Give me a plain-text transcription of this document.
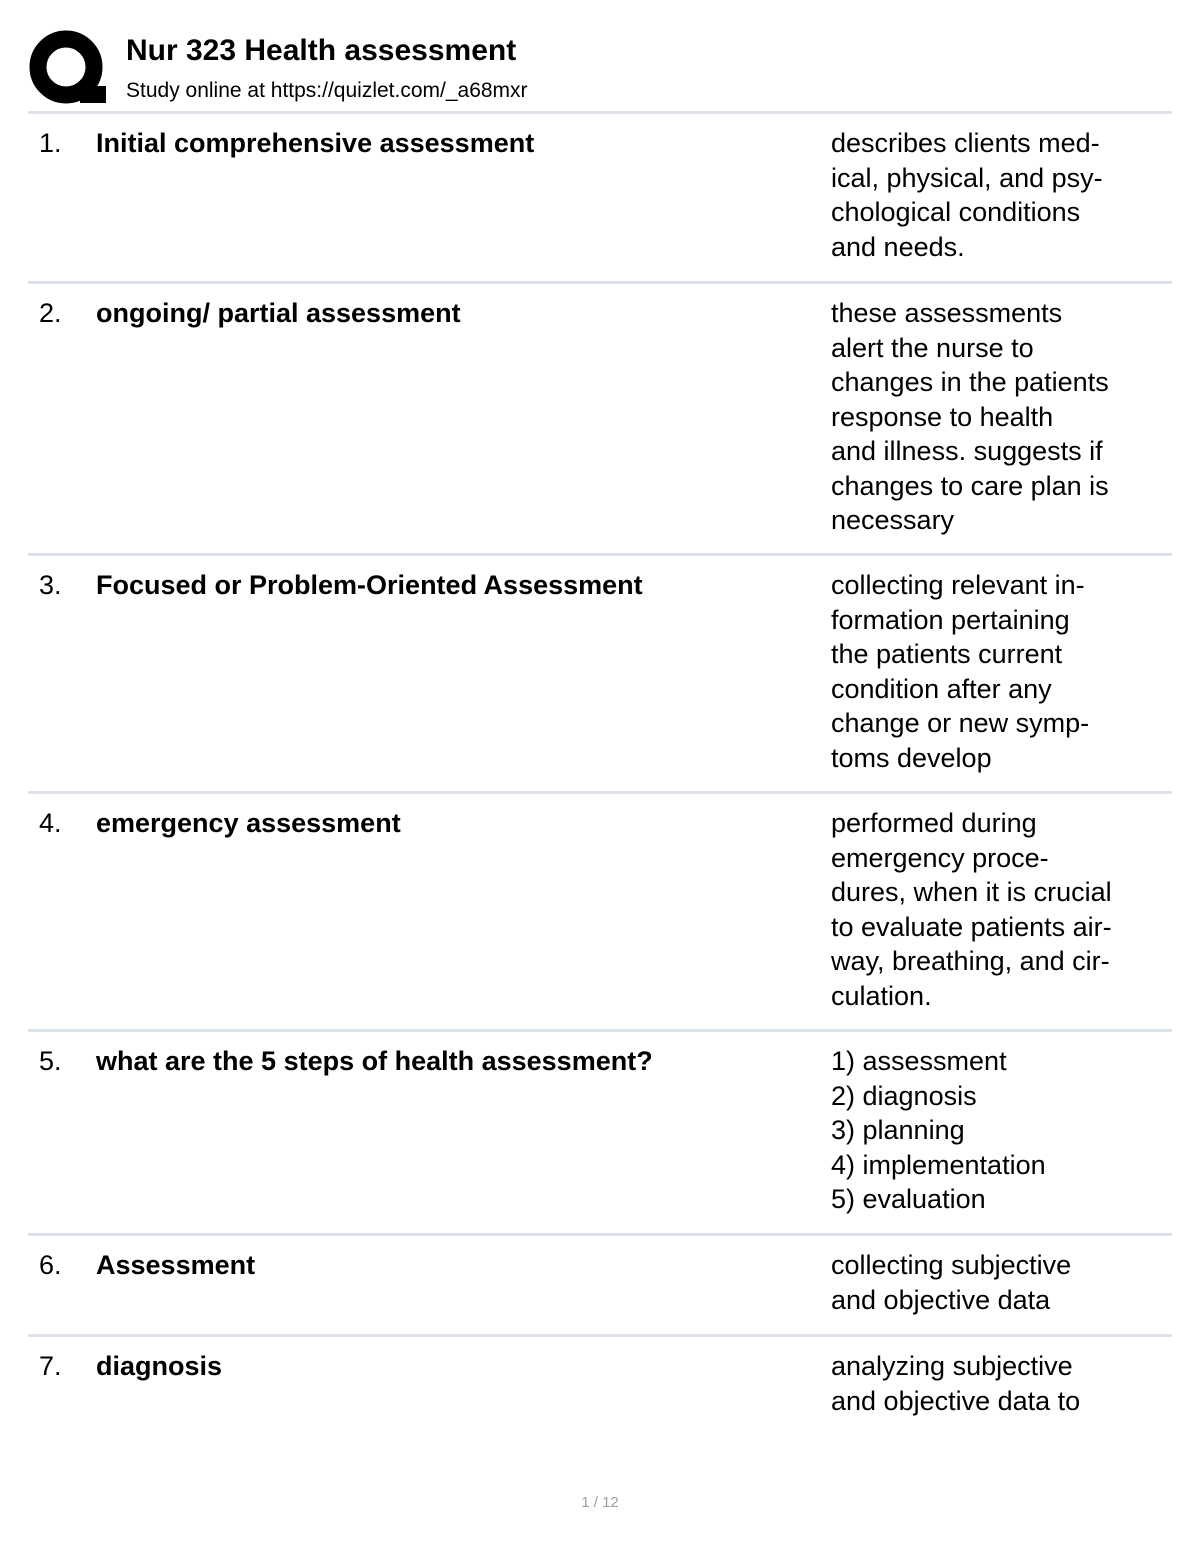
Nur 323 Health assessment
Study online at https://quizlet.com/_a68mxr
1. Initial comprehensive assessment	describes clients med-
ical, physical, and psy-
chological conditions
and needs.
2. ongoing/ partial assessment	these assessments
alert the nurse to
changes in the patients
response to health
and illness. suggests if
changes to care plan is
necessary
3. Focused or Problem-Oriented Assessment	collecting relevant in-
formation pertaining
the patients current
condition after any
change or new symp-
toms develop
4. emergency assessment	performed during
emergency proce-
dures, when it is crucial
to evaluate patients air-
way, breathing, and cir-
culation.
5. what are the 5 steps of health assessment?	1) assessment
2) diagnosis
3) planning
4) implementation
5) evaluation
6. Assessment	collecting subjective
and objective data
7. diagnosis	analyzing subjective
and objective data to
1 / 12
